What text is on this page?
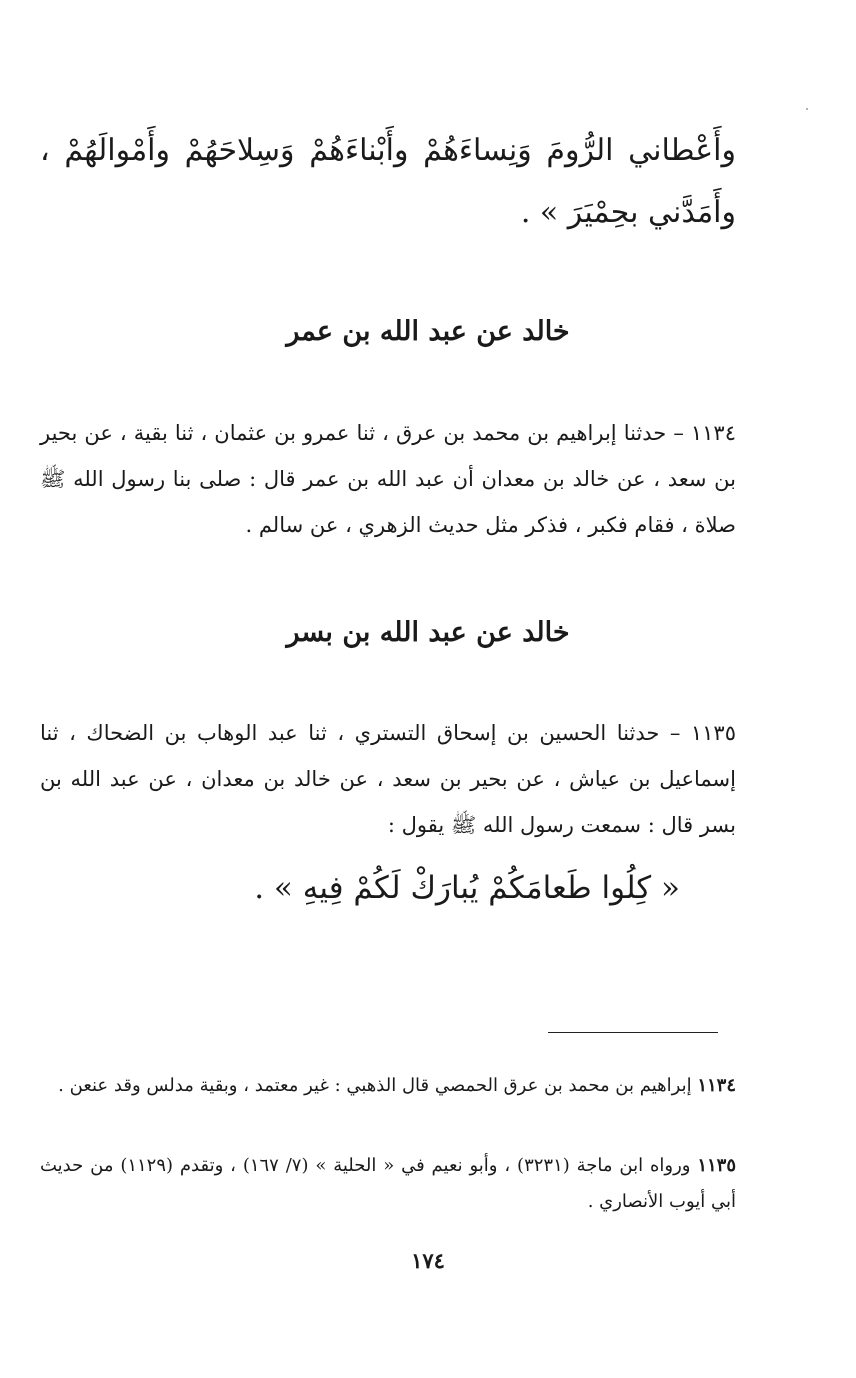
وأَعْطاني الرُّومَ وَنِساءَهُمْ وأَبْناءَهُمْ وَسِلاحَهُمْ وأَمْوالَهُمْ ، وأَمَدَّني بحِمْيَرَ » .
خالد عن عبد الله بن عمر
١١٣٤ – حدثنا إبراهيم بن محمد بن عرق ، ثنا عمرو بن عثمان ، ثنا بقية ، عن بحير بن سعد ، عن خالد بن معدان أن عبد الله بن عمر قال : صلى بنا رسول الله ﷺ صلاة ، فقام فكبر ، فذكر مثل حديث الزهري ، عن سالم .
خالد عن عبد الله بن بسر
١١٣٥ – حدثنا الحسين بن إسحاق التستري ، ثنا عبد الوهاب بن الضحاك ، ثنا إسماعيل بن عياش ، عن بحير بن سعد ، عن خالد بن معدان ، عن عبد الله بن بسر قال : سمعت رسول الله ﷺ يقول :
« كِلُوا طَعامَكُمْ يُبارَكْ لَكُمْ فِيهِ » .
١١٣٤ إبراهيم بن محمد بن عرق الحمصي قال الذهبي : غير معتمد ، وبقية مدلس وقد عنعن .
١١٣٥ ورواه ابن ماجة (٣٢٣١) ، وأبو نعيم في « الحلية » (٧/ ١٦٧) ، وتقدم (١١٢٩) من حديث أبي أيوب الأنصاري .
١٧٤
